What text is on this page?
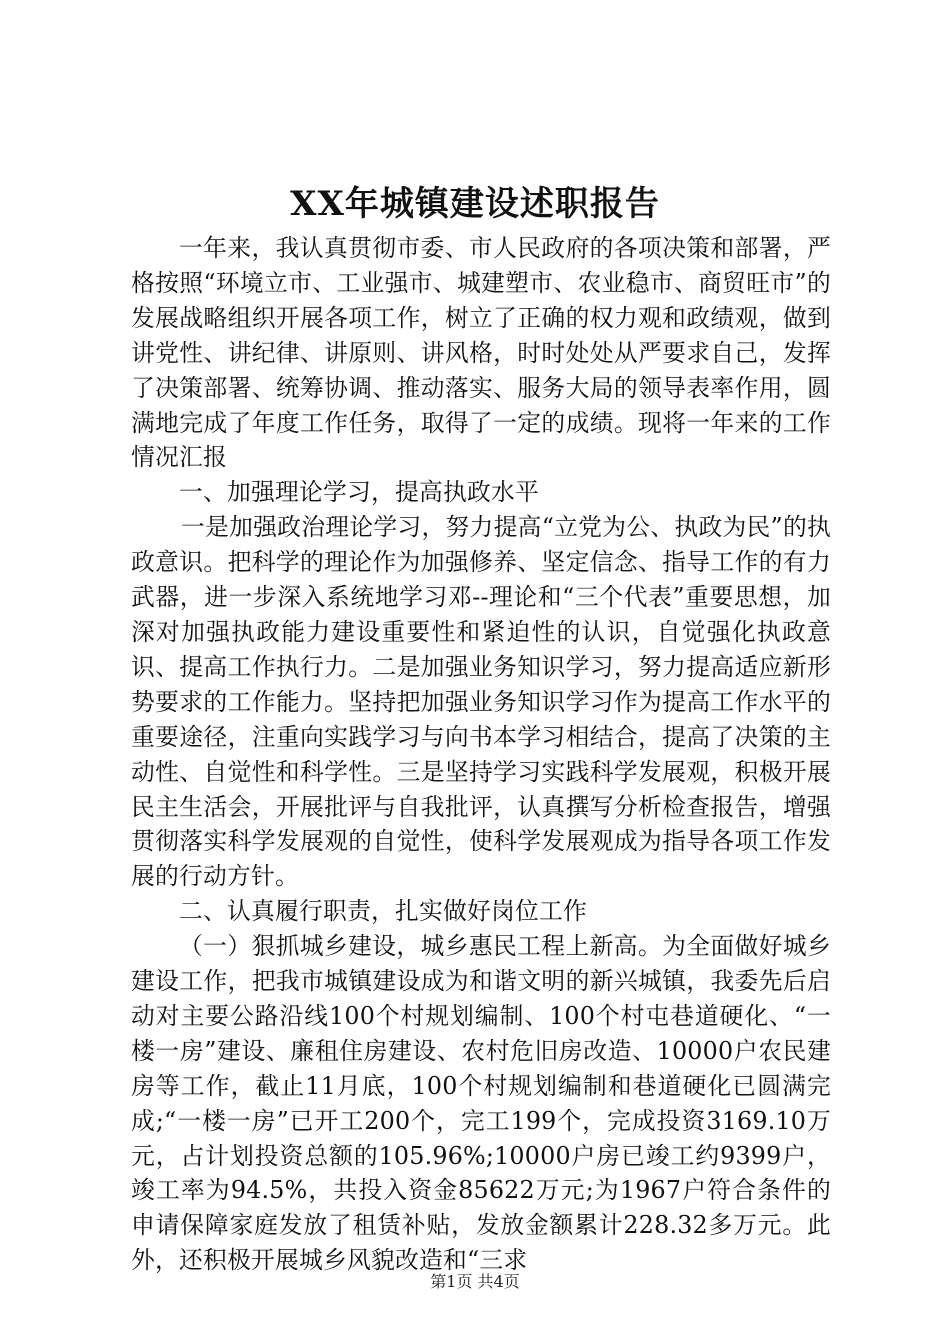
XX年城镇建设述职报告

一年来，我认真贯彻市委、市人民政府的各项决策和部署，严格按照“环境立市、工业强市、城建塑市、农业稳市、商贸旺市”的发展战略组织开展各项工作，树立了正确的权力观和政绩观，做到讲党性、讲纪律、讲原则、讲风格，时时处处从严要求自己，发挥了决策部署、统筹协调、推动落实、服务大局的领导表率作用，圆满地完成了年度工作任务，取得了一定的成绩。现将一年来的工作情况汇报

一、加强理论学习，提高执政水平

一是加强政治理论学习，努力提高“立党为公、执政为民”的执政意识。把科学的理论作为加强修养、坚定信念、指导工作的有力武器，进一步深入系统地学习邓--理论和“三个代表”重要思想，加深对加强执政能力建设重要性和紧迫性的认识，自觉强化执政意识、提高工作执行力。二是加强业务知识学习，努力提高适应新形势要求的工作能力。坚持把加强业务知识学习作为提高工作水平的重要途径，注重向实践学习与向书本学习相结合，提高了决策的主动性、自觉性和科学性。三是坚持学习实践科学发展观，积极开展民主生活会，开展批评与自我批评，认真撰写分析检查报告，增强贯彻落实科学发展观的自觉性，使科学发展观成为指导各项工作发展的行动方针。

二、认真履行职责，扎实做好岗位工作

（一）狠抓城乡建设，城乡惠民工程上新高。为全面做好城乡建设工作，把我市城镇建设成为和谐文明的新兴城镇，我委先后启动对主要公路沿线100个村规划编制、100个村屯巷道硬化、“一楼一房”建设、廉租住房建设、农村危旧房改造、10000户农民建房等工作，截止11月底，100个村规划编制和巷道硬化已圆满完成;“一楼一房”已开工200个，完工199个，完成投资3169.10万元，占计划投资总额的105.96%;10000户房已竣工约9399户，竣工率为94.5%，共投入资金85622万元;为1967户符合条件的申请保障家庭发放了租赁补贴，发放金额累计228.32多万元。此外，还积极开展城乡风貌改造和“三求

第1页 共4页
